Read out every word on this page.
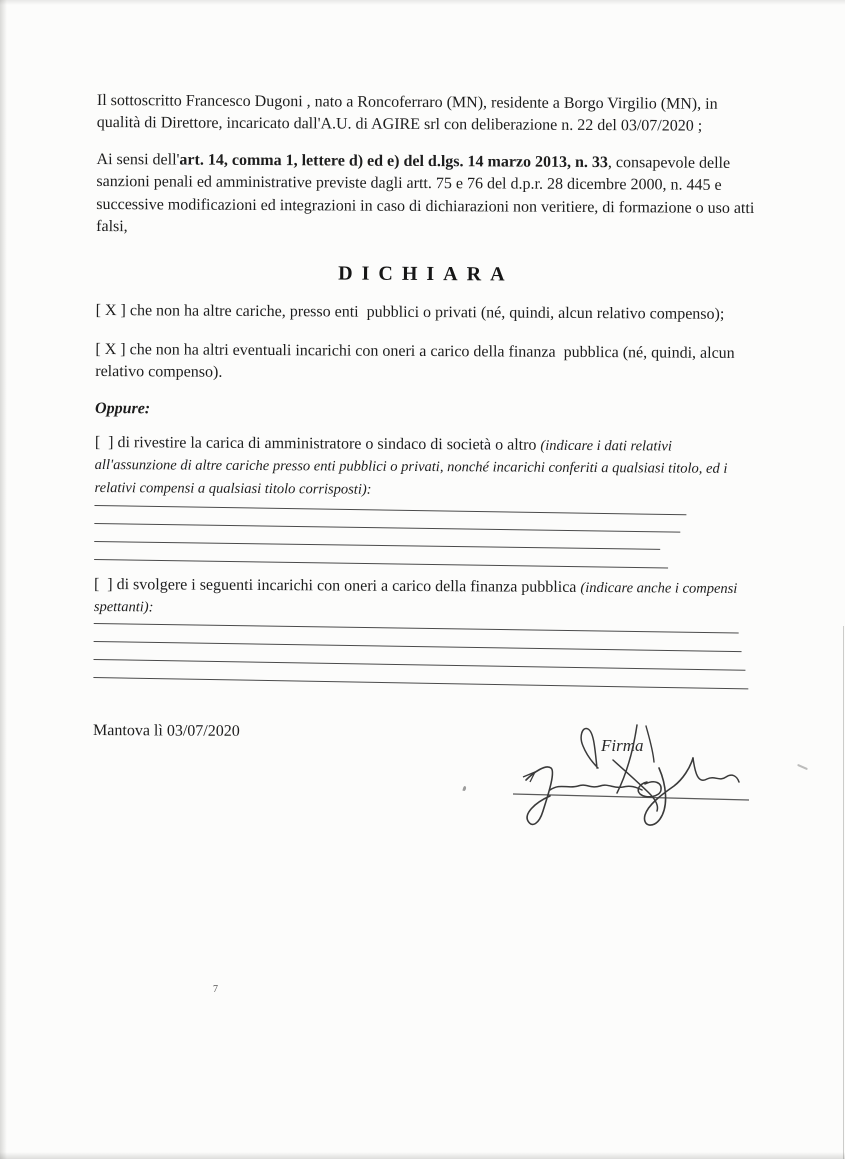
Il sottoscritto Francesco Dugoni , nato a Roncoferraro (MN), residente a Borgo Virgilio (MN), in qualità di Direttore, incaricato dall'A.U. di AGIRE srl con deliberazione n. 22 del 03/07/2020 ;

Ai sensi dell'art. 14, comma 1, lettere d) ed e) del d.lgs. 14 marzo 2013, n. 33, consapevole delle sanzioni penali ed amministrative previste dagli artt. 75 e 76 del d.p.r. 28 dicembre 2000, n. 445 e successive modificazioni ed integrazioni in caso di dichiarazioni non veritiere, di formazione o uso atti falsi,

DICHIARA

[ X ] che non ha altre cariche, presso enti  pubblici o privati (né, quindi, alcun relativo compenso);

[ X ] che non ha altri eventuali incarichi con oneri a carico della finanza  pubblica (né, quindi, alcun relativo compenso).

Oppure:

[  ] di rivestire la carica di amministratore o sindaco di società o altro (indicare i dati relativi all'assunzione di altre cariche presso enti pubblici o privati, nonché incarichi conferiti a qualsiasi titolo, ed i relativi compensi a qualsiasi titolo corrisposti):

[  ] di svolgere i seguenti incarichi con oneri a carico della finanza pubblica (indicare anche i compensi spettanti):

Mantova lì 03/07/2020

Firma
7
